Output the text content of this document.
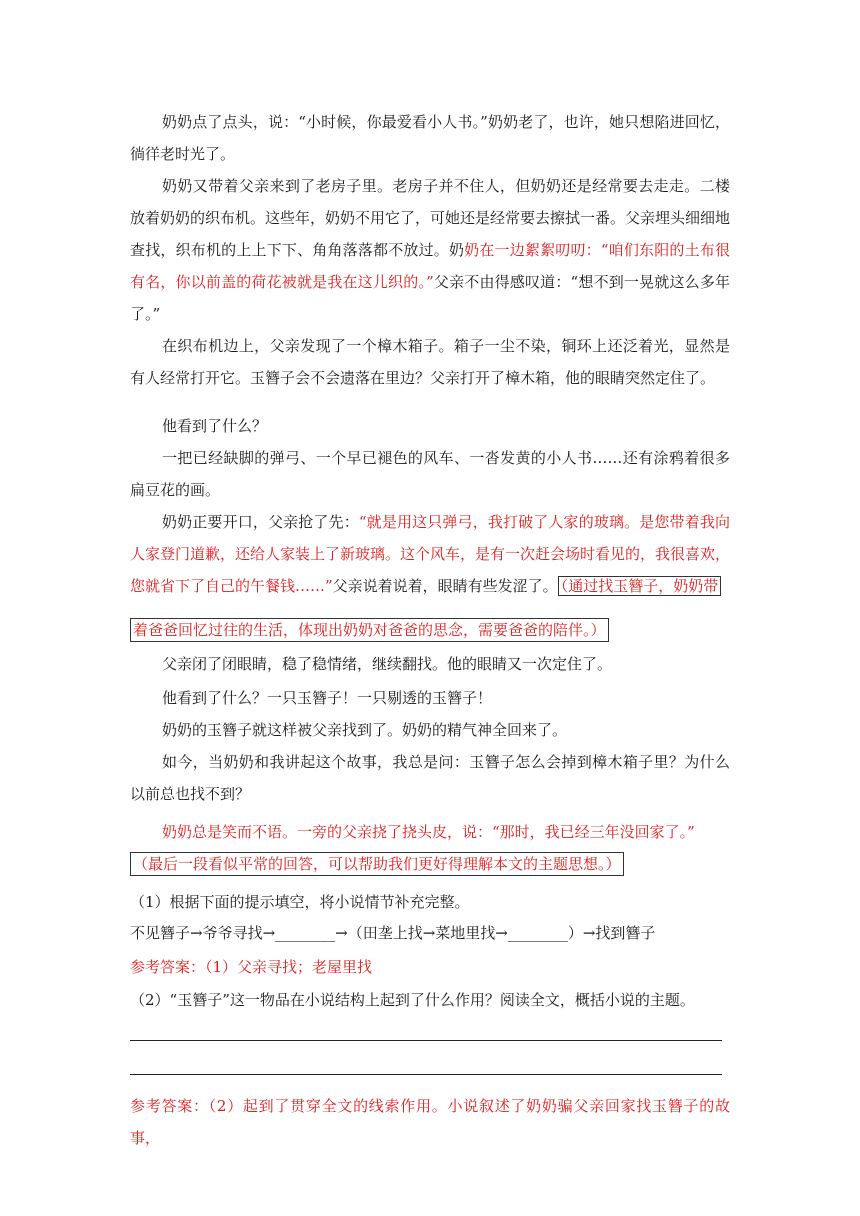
奶奶点了点头，说：“小时候，你最爱看小人书。”奶奶老了，也许，她只想陷进回忆，徜徉老时光了。

奶奶又带着父亲来到了老房子里。老房子并不住人，但奶奶还是经常要去走走。二楼放着奶奶的织布机。这些年，奶奶不用它了，可她还是经常要去擦拭一番。父亲埋头细细地查找，织布机的上上下下、角角落落都不放过。奶奶在一边絮絮叨叨：“咱们东阳的土布很有名，你以前盖的荷花被就是我在这儿织的。”父亲不由得感叹道：“想不到一晃就这么多年了。”

在织布机边上，父亲发现了一个樟木箱子。箱子一尘不染，铜环上还泛着光，显然是有人经常打开它。玉簪子会不会遗落在里边？父亲打开了樟木箱，他的眼睛突然定住了。

他看到了什么？

一把已经缺脚的弹弓、一个早已褪色的风车、一沓发黄的小人书……还有涂鸦着很多扁豆花的画。

奶奶正要开口，父亲抢了先：“就是用这只弹弓，我打破了人家的玻璃。是您带着我向人家登门道歉，还给人家装上了新玻璃。这个风车，是有一次赶会场时看见的，我很喜欢，您就省下了自己的午餐钱……”父亲说着说着，眼睛有些发涩了。 （通过找玉簪子，奶奶带

着爸爸回忆过往的生活，体现出奶奶对爸爸的思念，需要爸爸的陪伴。）

父亲闭了闭眼睛，稳了稳情绪，继续翻找。他的眼睛又一次定住了。

他看到了什么？一只玉簪子！一只剔透的玉簪子！

奶奶的玉簪子就这样被父亲找到了。奶奶的精气神全回来了。

如今，当奶奶和我讲起这个故事，我总是问：玉簪子怎么会掉到樟木箱子里？为什么以前总也找不到？

奶奶总是笑而不语。一旁的父亲挠了挠头皮，说：“那时，我已经三年没回家了。”

（最后一段看似平常的回答，可以帮助我们更好得理解本文的主题思想。）

（1）根据下面的提示填空，将小说情节补充完整。

不见簪子→爷爷寻找→________→（田垄上找→菜地里找→________）→找到簪子

参考答案：（1）父亲寻找；老屋里找

（2）“玉簪子”这一物品在小说结构上起到了什么作用？阅读全文，概括小说的主题。

参考答案：（2）起到了贯穿全文的线索作用。小说叙述了奶奶骗父亲回家找玉簪子的故事，
